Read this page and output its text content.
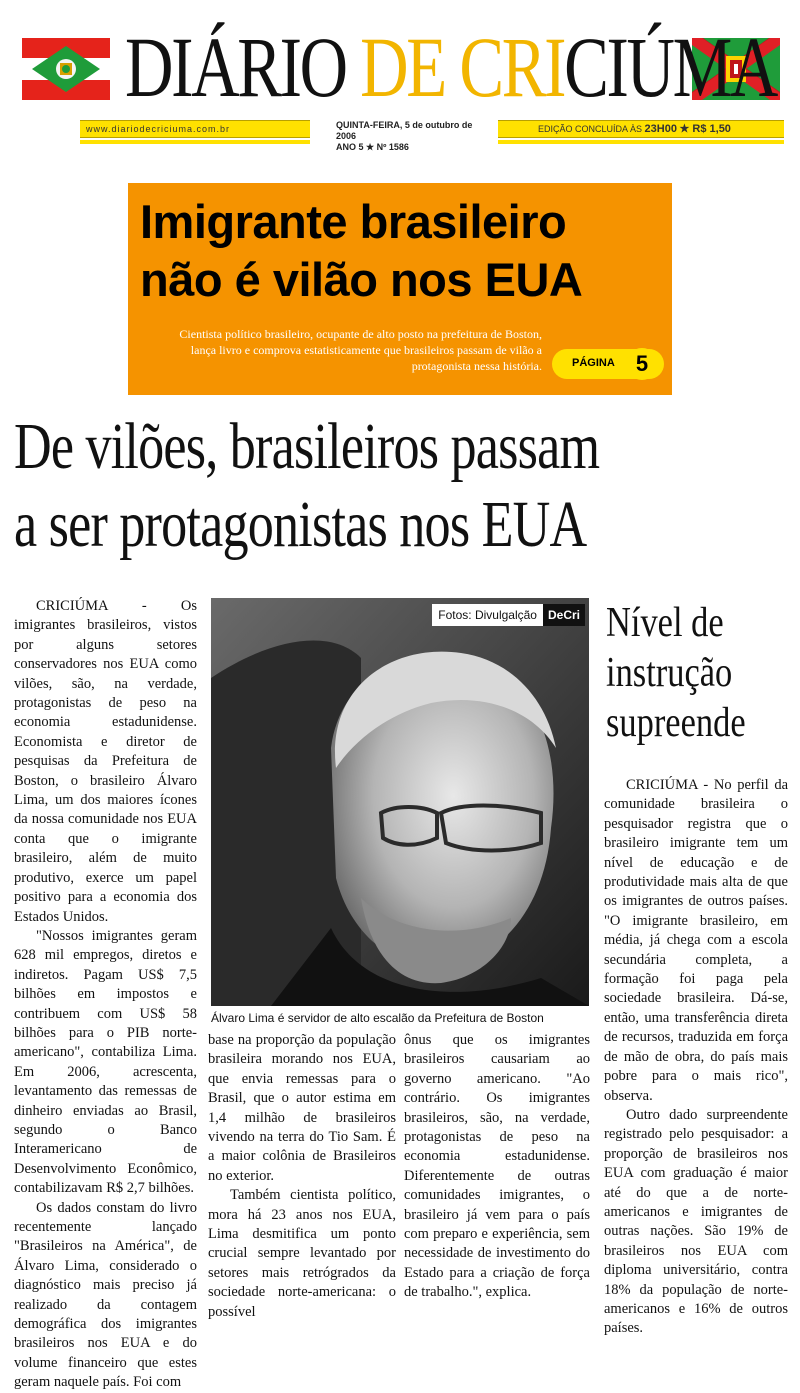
DIÁRIO DE CRICIÚMA
www.diariodecriciuma.com.br	QUINTA-FEIRA, 5 de outubro de 2006
ANO 5 ★ Nº 1586
EDIÇÃO CONCLUÍDA ÀS 23H00 ★ R$ 1,50
Imigrante brasileiro
não é vilão nos EUA
Cientista político brasileiro, ocupante de alto posto na prefeitura de Boston, lança livro e comprova estatisticamente que brasileiros passam de vilão a protagonista nessa história.	PÁGINA 5
De vilões, brasileiros passam
a ser protagonistas nos EUA

CRICIÚMA - Os imigrantes brasileiros, vistos por alguns setores conservadores nos EUA como vilões, são, na verdade, protagonistas de peso na economia estadunidense. Economista e diretor de pesquisas da Prefeitura de Boston, o brasileiro Álvaro Lima, um dos maiores ícones da nossa comunidade nos EUA conta que o imigrante brasileiro, além de muito produtivo, exerce um papel positivo para a economia dos Estados Unidos.

"Nossos imigrantes geram 628 mil empregos, diretos e indiretos. Pagam US$ 7,5 bilhões em impostos e contribuem com US$ 58 bilhões para o PIB norte-americano", contabiliza Lima. Em 2006, acrescenta, levantamento das remessas de dinheiro enviadas ao Brasil, segundo o Banco Interamericano de Desenvolvimento Econômico, contabilizavam R$ 2,7 bilhões.

Os dados constam do livro recentemente lançado "Brasileiros na América", de Álvaro Lima, considerado o diagnóstico mais preciso já realizado da contagem demográfica dos imigrantes brasileiros nos EUA e do volume financeiro que estes geram naquele país. Foi com

Fotos: Divulgalção DeCri
Álvaro Lima é servidor de alto escalão da Prefeitura de Boston

base na proporção da população brasileira morando nos EUA, que envia remessas para o Brasil, que o autor estima em 1,4 milhão de brasileiros vivendo na terra do Tio Sam. É a maior colônia de Brasileiros no exterior.

Também cientista político, mora há 23 anos nos EUA, Lima desmitifica um ponto crucial sempre levantado por setores mais retrógrados da sociedade norte-americana: o possível

ônus que os imigrantes brasileiros causariam ao governo americano. "Ao contrário. Os imigrantes brasileiros, são, na verdade, protagonistas de peso na economia estadunidense. Diferentemente de outras comunidades imigrantes, o brasileiro já vem para o país com preparo e experiência, sem necessidade de investimento do Estado para a criação de força de trabalho.", explica.

Nível de
instrução
supreende

CRICIÚMA - No perfil da comunidade brasileira o pesquisador registra que o brasileiro imigrante tem um nível de educação e de produtividade mais alta de que os imigrantes de outros países. "O imigrante brasileiro, em média, já chega com a escola secundária completa, a formação foi paga pela sociedade brasileira. Dá-se, então, uma transferência direta de recursos, traduzida em força de mão de obra, do país mais pobre para o mais rico", observa.

Outro dado surpreendente registrado pelo pesquisador: a proporção de brasileiros nos EUA com graduação é maior até do que a de norte-americanos e imigrantes de outras nações. São 19% de brasileiros nos EUA com diploma universitário, contra 18% da população de norte-americanos e 16% de outros países.
